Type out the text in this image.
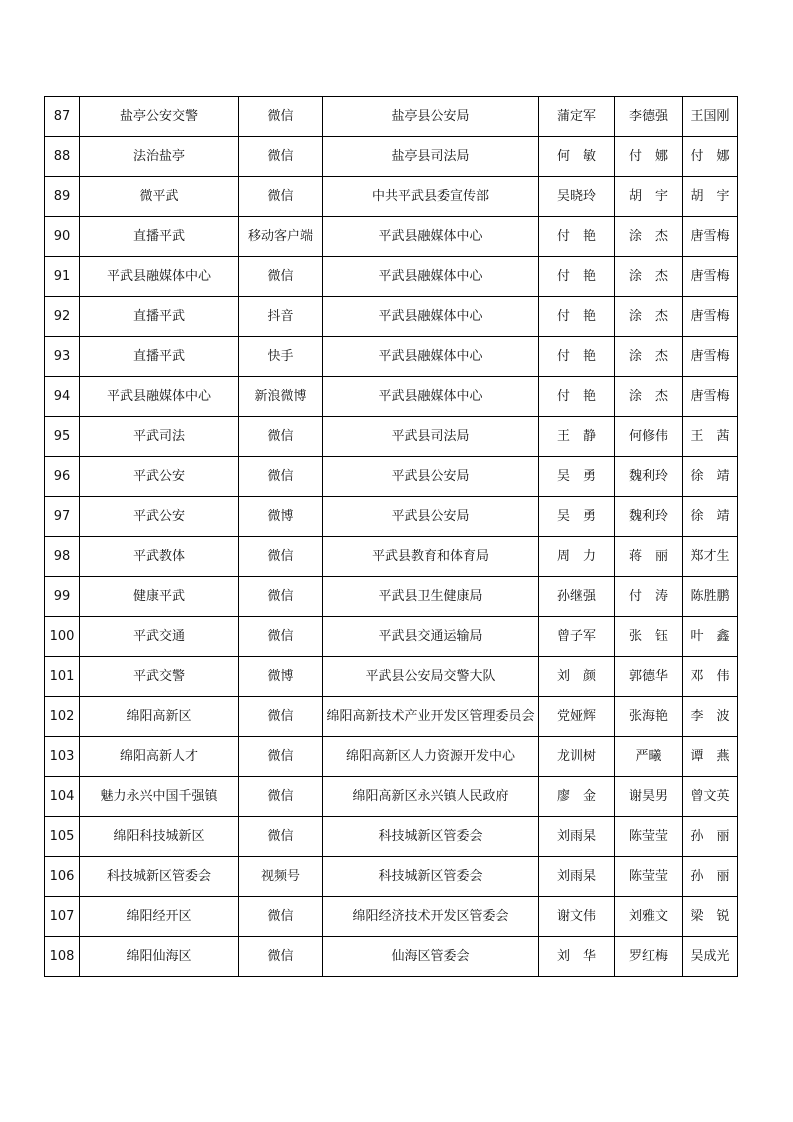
87	盐亭公安交警	微信	盐亭县公安局	蒲定军	李德强	王国刚
88	法治盐亭	微信	盐亭县司法局	何　敏	付　娜	付　娜
89	微平武	微信	中共平武县委宣传部	吴晓玲	胡　宇	胡　宇
90	直播平武	移动客户端	平武县融媒体中心	付　艳	涂　杰	唐雪梅
91	平武县融媒体中心	微信	平武县融媒体中心	付　艳	涂　杰	唐雪梅
92	直播平武	抖音	平武县融媒体中心	付　艳	涂　杰	唐雪梅
93	直播平武	快手	平武县融媒体中心	付　艳	涂　杰	唐雪梅
94	平武县融媒体中心	新浪微博	平武县融媒体中心	付　艳	涂　杰	唐雪梅
95	平武司法	微信	平武县司法局	王　静	何修伟	王　茜
96	平武公安	微信	平武县公安局	吴　勇	魏利玲	徐　靖
97	平武公安	微博	平武县公安局	吴　勇	魏利玲	徐　靖
98	平武教体	微信	平武县教育和体育局	周　力	蒋　丽	郑才生
99	健康平武	微信	平武县卫生健康局	孙继强	付　涛	陈胜鹏
100	平武交通	微信	平武县交通运输局	曾子军	张　钰	叶　鑫
101	平武交警	微博	平武县公安局交警大队	刘　颜	郭德华	邓　伟
102	绵阳高新区	微信	绵阳高新技术产业开发区管理委员会	党娅辉	张海艳	李　波
103	绵阳高新人才	微信	绵阳高新区人力资源开发中心	龙训树	严曦	谭　燕
104	魅力永兴中国千强镇	微信	绵阳高新区永兴镇人民政府	廖　金	谢昊男	曾文英
105	绵阳科技城新区	微信	科技城新区管委会	刘雨杲	陈莹莹	孙　丽
106	科技城新区管委会	视频号	科技城新区管委会	刘雨杲	陈莹莹	孙　丽
107	绵阳经开区	微信	绵阳经济技术开发区管委会	谢文伟	刘雅文	梁　锐
108	绵阳仙海区	微信	仙海区管委会	刘　华	罗红梅	吴成光
